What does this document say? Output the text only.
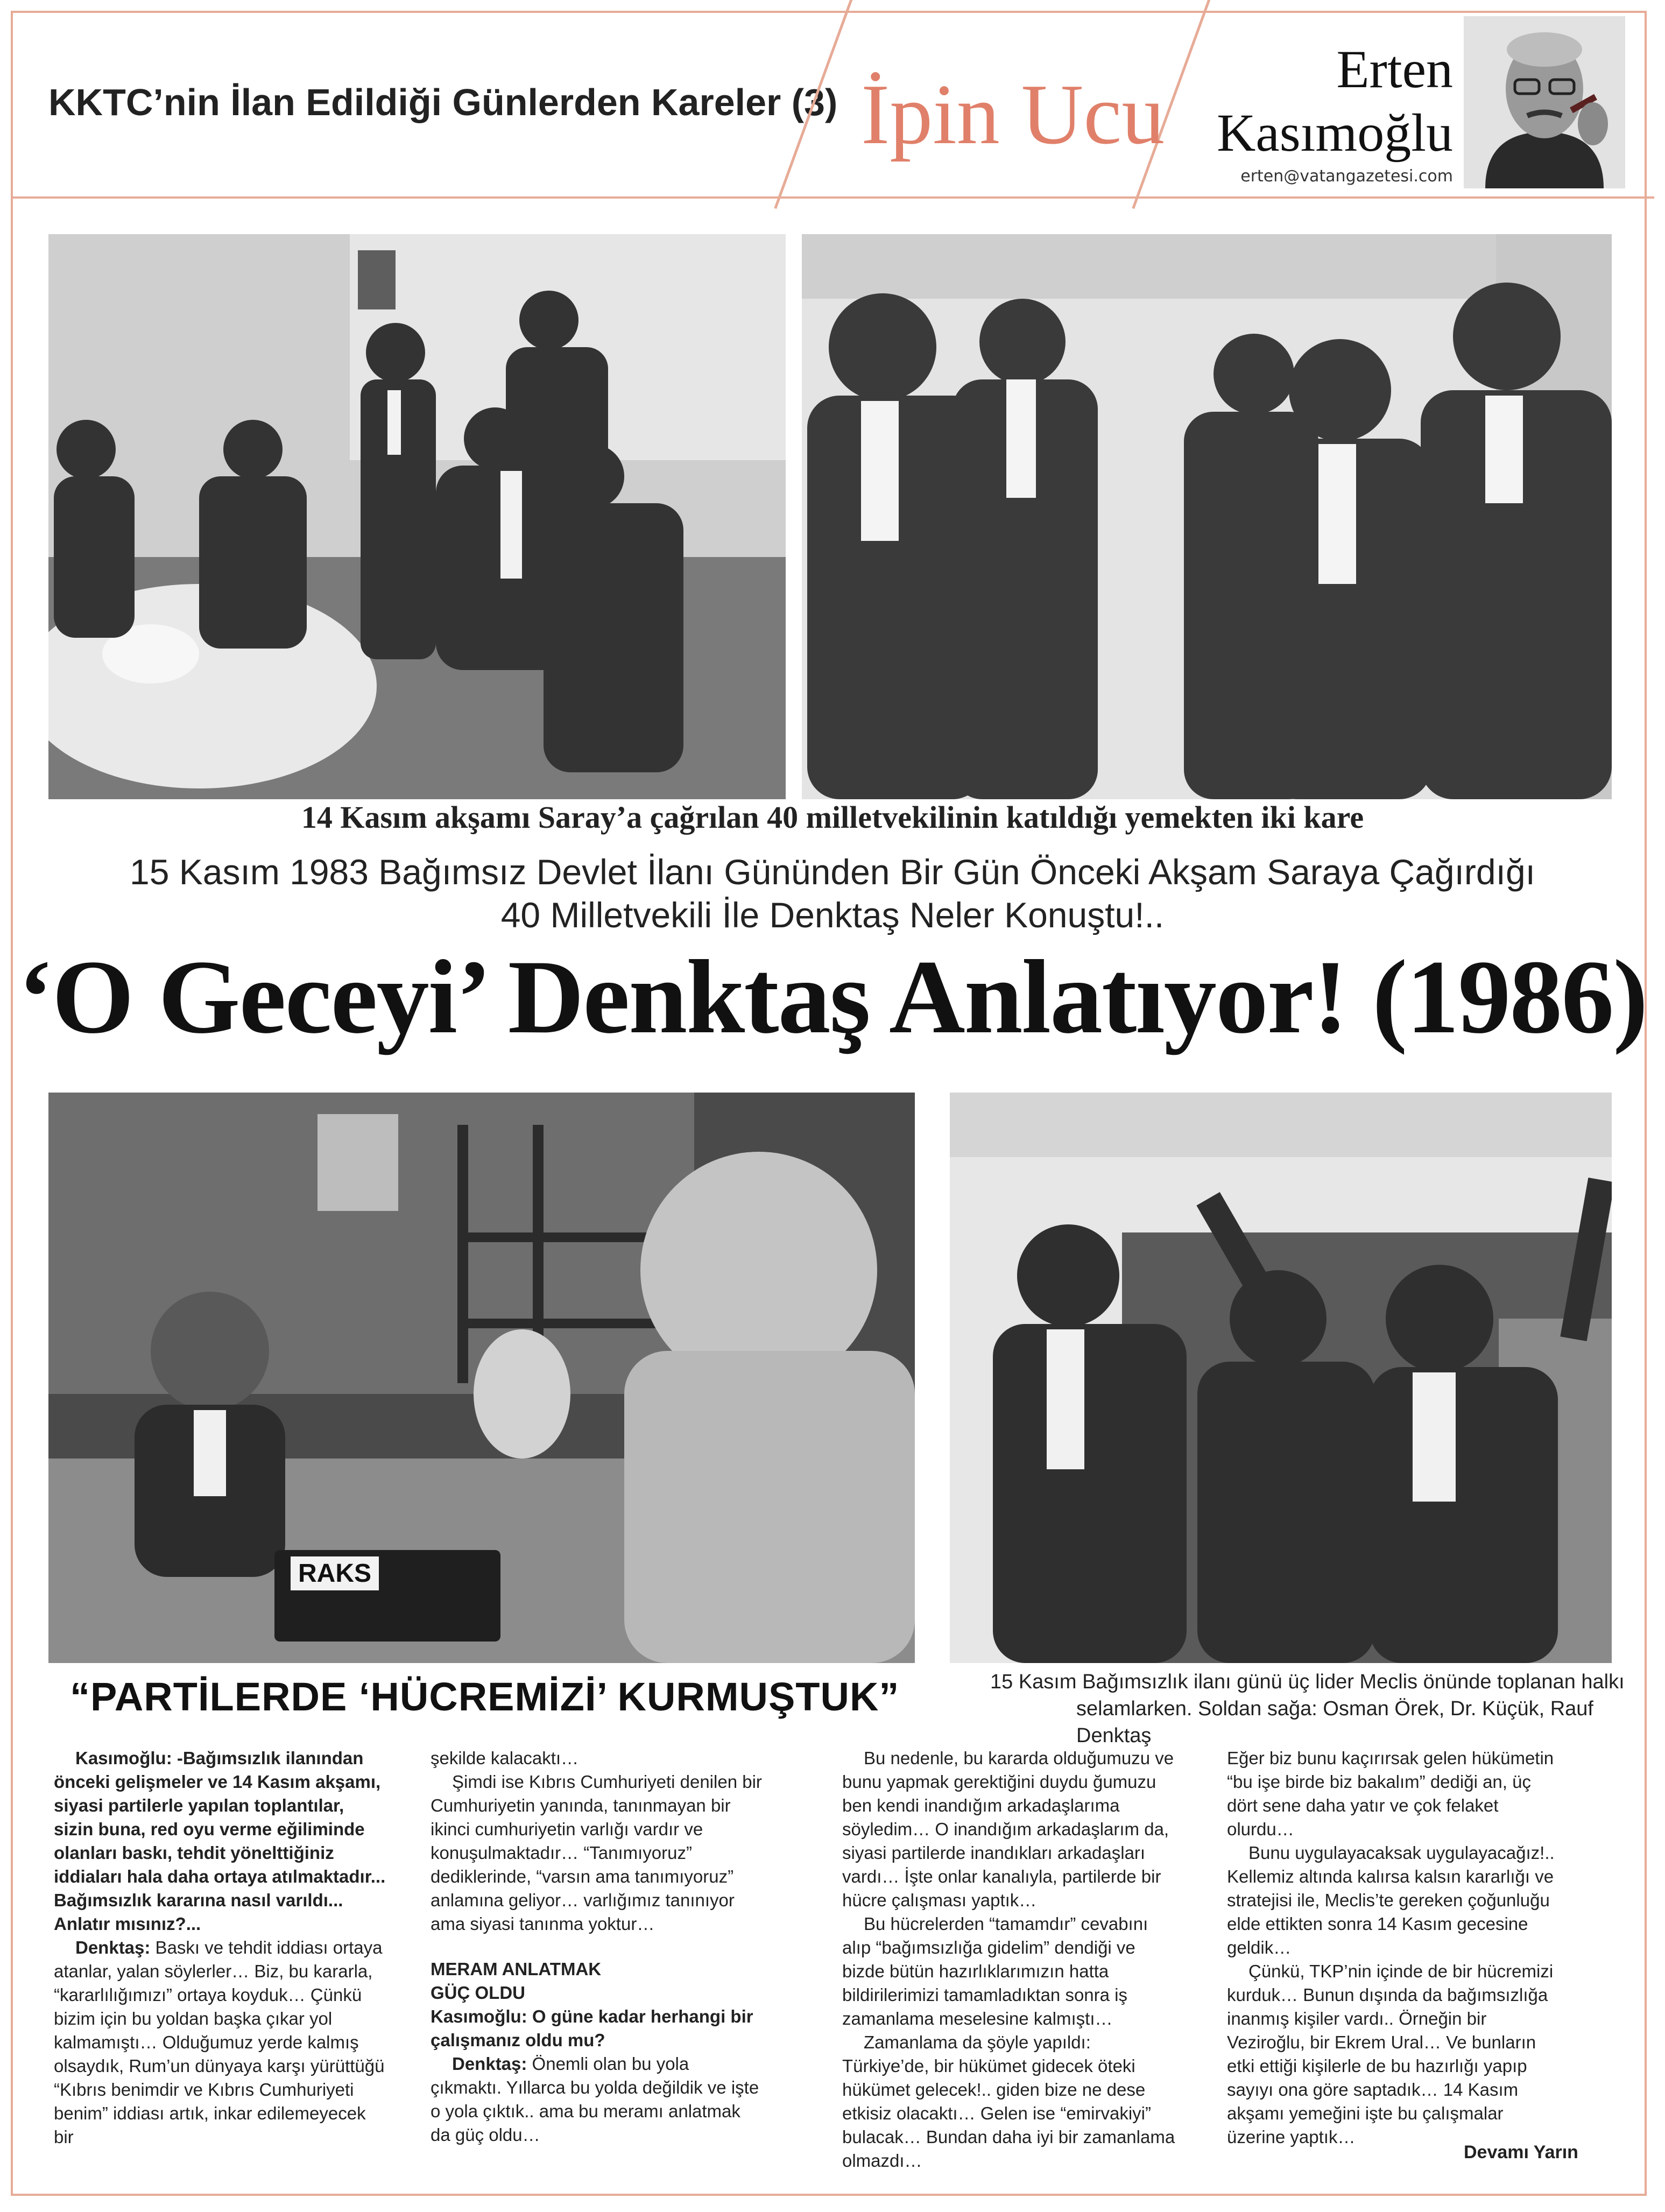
KKTC’nin İlan Edildiği Günlerden Kareler (3) İpin Ucu	Erten
Kasımoğlu
erten@vatangazetesi.com
14 Kasım akşamı Saray’a çağrılan 40 milletvekilinin katıldığı yemekten iki kare
15 Kasım 1983 Bağımsız Devlet İlanı Gününden Bir Gün Önceki Akşam Saraya Çağırdığı
40 Milletvekili İle Denktaş Neler Konuştu!..
‘O Geceyi’ Denktaş Anlatıyor! (1986)
RAKS
“PARTİLERDE ‘HÜCREMİZİ’ KURMUŞTUK”	15 Kasım Bağımsızlık ilanı günü üç lider Meclis önünde toplanan halkı
selamlarken. Soldan sağa: Osman Örek, Dr. Küçük, Rauf Denktaş

Kasımoğlu: -Bağımsızlık ilanından önceki gelişmeler ve 14 Kasım akşamı, siyasi partilerle yapılan toplantılar, sizin buna, red oyu verme eğiliminde olanları baskı, tehdit yönelttiğiniz iddiaları hala daha ortaya atılmaktadır... Bağımsızlık kararına nasıl varıldı... Anlatır mısınız?...

Denktaş: Baskı ve tehdit iddiası ortaya atanlar, yalan söylerler… Biz, bu kararla, “kararlılığımızı” ortaya koyduk… Çünkü bizim için bu yoldan başka çıkar yol kalmamıştı… Olduğumuz yerde kalmış olsaydık, Rum’un dünyaya karşı yürüttüğü “Kıbrıs benimdir ve Kıbrıs Cumhuriyeti benim” iddiası artık, inkar edilemeyecek bir

şekilde kalacaktı…

Şimdi ise Kıbrıs Cumhuriyeti denilen bir Cumhuriyetin yanında, tanınmayan bir ikinci cumhuriyetin varlığı vardır ve konuşulmaktadır… “Tanımıyoruz” dediklerinde, “varsın ama tanımıyoruz” anlamına geliyor… varlığımız tanınıyor ama siyasi tanınma yoktur…

MERAM ANLATMAK
GÜÇ OLDU

Kasımoğlu: O güne kadar herhangi bir çalışmanız oldu mu?

Denktaş: Önemli olan bu yola çıkmaktı. Yıllarca bu yolda değildik ve işte o yola çıktık.. ama bu meramı anlatmak da güç oldu…

Bu nedenle, bu kararda olduğumuzu ve bunu yapmak gerektiğini duydu ğumuzu ben kendi inandığım arkadaşlarıma söyledim… O inandığım arkadaşlarım da, siyasi partilerde inandıkları arkadaşları vardı… İşte onlar kanalıyla, partilerde bir hücre çalışması yaptık…

Bu hücrelerden “tamamdır” cevabını alıp “bağımsızlığa gidelim” dendiği ve bizde bütün hazırlıklarımızın hatta bildirilerimizi tamamladıktan sonra iş zamanlama meselesine kalmıştı…

Zamanlama da şöyle yapıldı: Türkiye’de, bir hükümet gidecek öteki hükümet gelecek!.. giden bize ne dese etkisiz olacaktı… Gelen ise “emirvakiyi” bulacak… Bundan daha iyi bir zamanlama olmazdı…

Eğer biz bunu kaçırırsak gelen hükümetin “bu işe birde biz bakalım” dediği an, üç dört sene daha yatır ve çok felaket olurdu…

Bunu uygulayacaksak uygulayacağız!.. Kellemiz altında kalırsa kalsın kararlığı ve stratejisi ile, Meclis’te gereken çoğunluğu elde ettikten sonra 14 Kasım gecesine geldik…

Çünkü, TKP’nin içinde de bir hücremizi kurduk… Bunun dışında da bağımsızlığa inanmış kişiler vardı.. Örneğin bir Veziroğlu, bir Ekrem Ural… Ve bunların etki ettiği kişilerle de bu hazırlığı yapıp sayıyı ona göre saptadık… 14 Kasım akşamı yemeğini işte bu çalışmalar üzerine yaptık…

Devamı Yarın
